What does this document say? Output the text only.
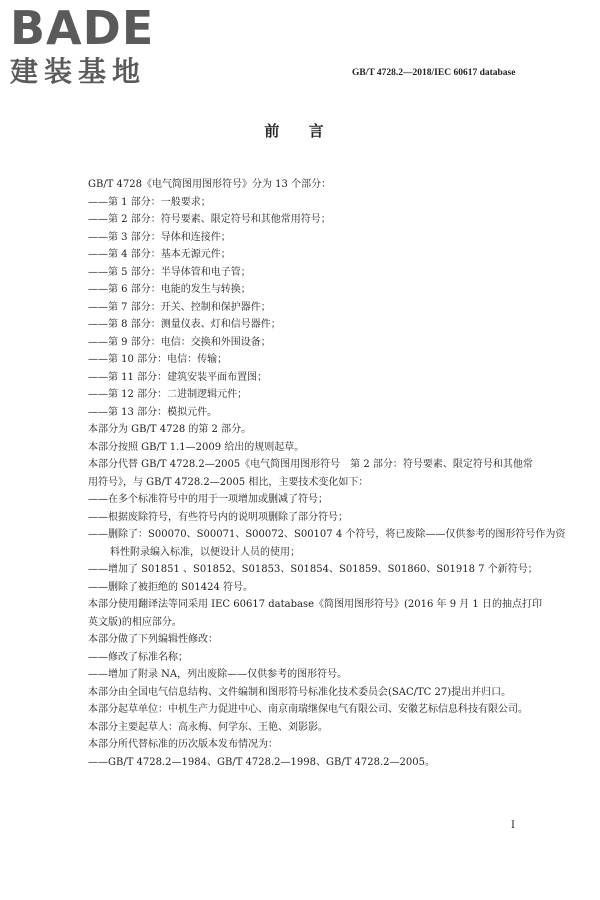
BADE
建装基地	GB/T 4728.2—2018/IEC 60617 database
前 言
GB/T 4728《电气简图用图形符号》分为 13 个部分：
——第 1 部分：一般要求；
——第 2 部分：符号要素、限定符号和其他常用符号；
——第 3 部分：导体和连接件；
——第 4 部分：基本无源元件；
——第 5 部分：半导体管和电子管；
——第 6 部分：电能的发生与转换；
——第 7 部分：开关、控制和保护器件；
——第 8 部分：测量仪表、灯和信号器件；
——第 9 部分：电信：交换和外围设备；
——第 10 部分：电信：传输；
——第 11 部分：建筑安装平面布置图；
——第 12 部分：二进制逻辑元件；
——第 13 部分：模拟元件。
本部分为 GB/T 4728 的第 2 部分。
本部分按照 GB/T 1.1—2009 给出的规则起草。
本部分代替 GB/T 4728.2—2005《电气简图用图形符号　第 2 部分：符号要素、限定符号和其他常
用符号》，与 GB/T 4728.2—2005 相比，主要技术变化如下：
——在多个标准符号中的用于一项增加或删减了符号；
——根据废除符号，有些符号内的说明项删除了部分符号；
——删除了：S00070、S00071、S00072、S00107 4 个符号，将已废除——仅供参考的图形符号作为资
料性附录编入标准，以便设计人员的使用；
——增加了 S01851 、S01852、S01853、S01854、S01859、S01860、S01918 7 个新符号；
——删除了被拒绝的 S01424 符号。
本部分使用翻译法等同采用 IEC 60617 database《简图用图形符号》(2016 年 9 月 1 日的抽点打印
英文版)的相应部分。
本部分做了下列编辑性修改：
——修改了标准名称；
——增加了附录 NA，列出废除——仅供参考的图形符号。
本部分由全国电气信息结构、文件编制和图形符号标准化技术委员会(SAC/TC 27)提出并归口。
本部分起草单位：中机生产力促进中心、南京南瑞继保电气有限公司、安徽艺标信息科技有限公司。
本部分主要起草人：高永梅、何学东、王艳、刘影影。
本部分所代替标准的历次版本发布情况为：
——GB/T 4728.2—1984、GB/T 4728.2—1998、GB/T 4728.2—2005。
I
